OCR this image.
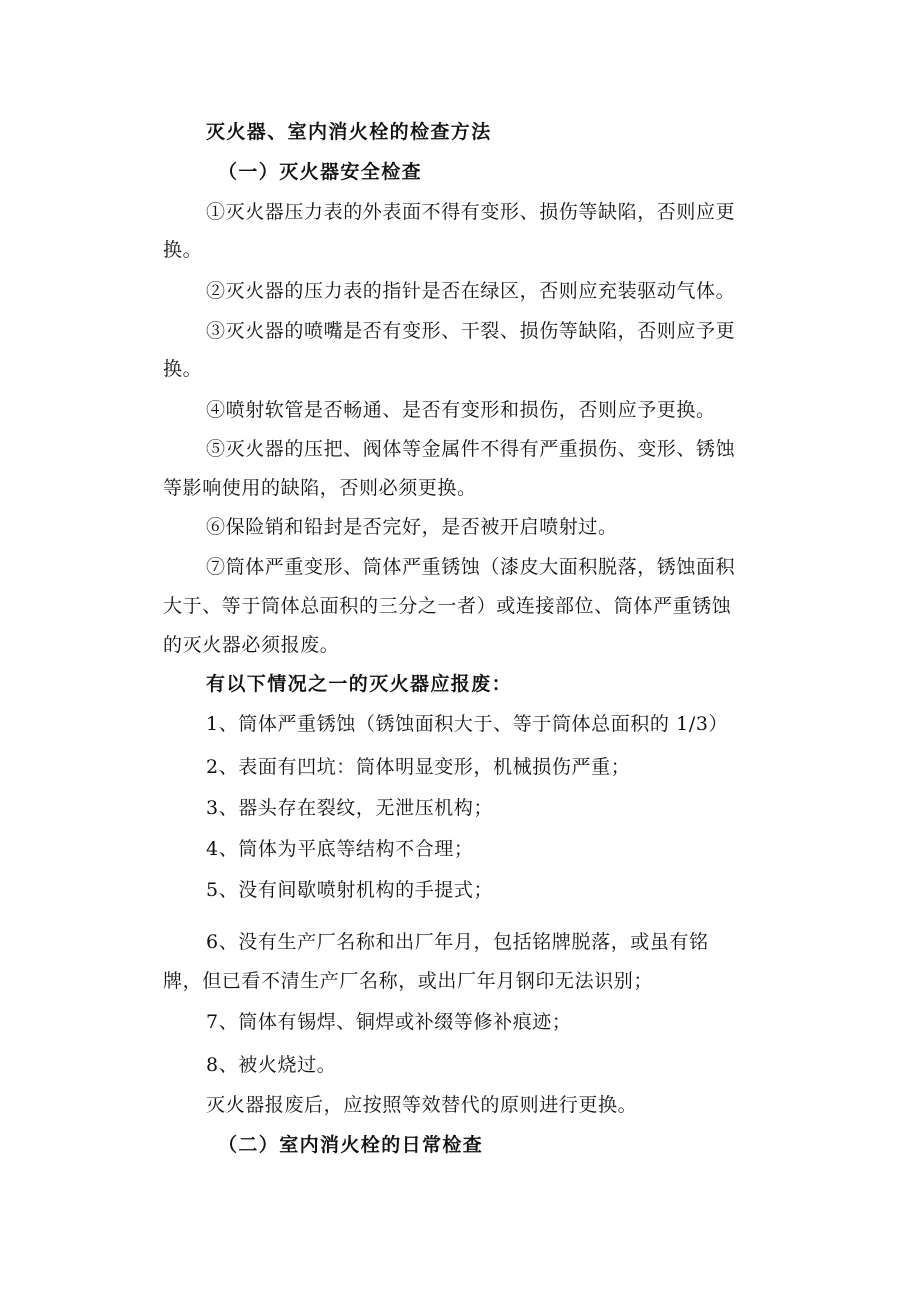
灭火器、室内消火栓的检查方法
（一）灭火器安全检查
①灭火器压力表的外表面不得有变形、损伤等缺陷，否则应更
换。
②灭火器的压力表的指针是否在绿区，否则应充装驱动气体。
③灭火器的喷嘴是否有变形、干裂、损伤等缺陷，否则应予更
换。
④喷射软管是否畅通、是否有变形和损伤，否则应予更换。
⑤灭火器的压把、阀体等金属件不得有严重损伤、变形、锈蚀
等影响使用的缺陷，否则必须更换。
⑥保险销和铅封是否完好，是否被开启喷射过。
⑦筒体严重变形、筒体严重锈蚀（漆皮大面积脱落，锈蚀面积
大于、等于筒体总面积的三分之一者）或连接部位、筒体严重锈蚀
的灭火器必须报废。
有以下情况之一的灭火器应报废：
1、筒体严重锈蚀（锈蚀面积大于、等于筒体总面积的 1/3）
2、表面有凹坑：筒体明显变形，机械损伤严重；
3、器头存在裂纹，无泄压机构；
4、筒体为平底等结构不合理；
5、没有间歇喷射机构的手提式；
6、没有生产厂名称和出厂年月，包括铭牌脱落，或虽有铭
牌，但已看不清生产厂名称，或出厂年月钢印无法识别；
7、筒体有锡焊、铜焊或补缀等修补痕迹；
8、被火烧过。
灭火器报废后，应按照等效替代的原则进行更换。
（二）室内消火栓的日常检查
